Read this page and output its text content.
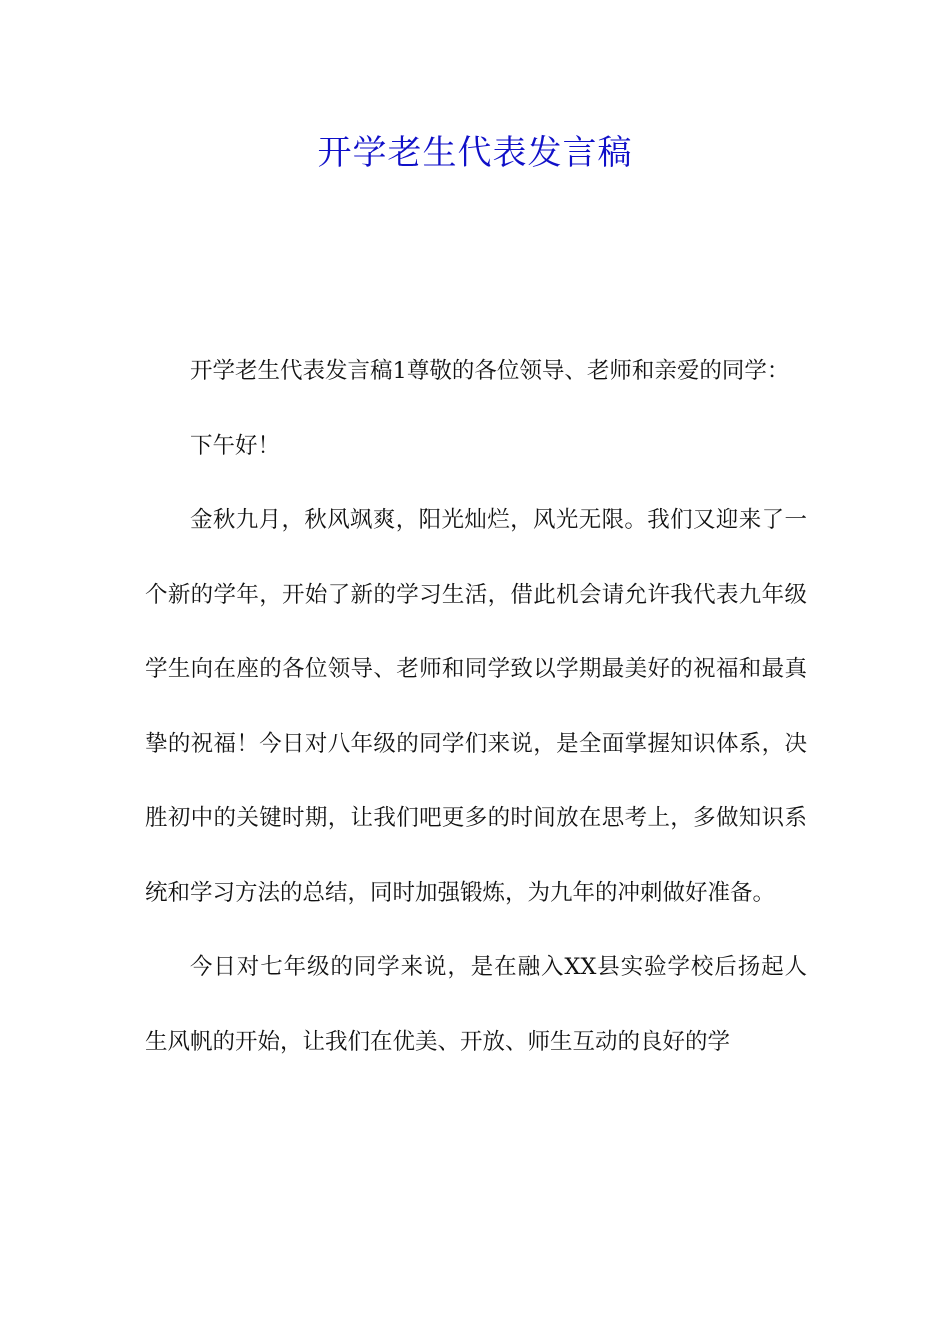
开学老生代表发言稿

开学老生代表发言稿1尊敬的各位领导、老师和亲爱的同学：

下午好！

金秋九月，秋风飒爽，阳光灿烂，风光无限。我们又迎来了一个新的学年，开始了新的学习生活，借此机会请允许我代表九年级学生向在座的各位领导、老师和同学致以学期最美好的祝福和最真挚的祝福！今日对八年级的同学们来说，是全面掌握知识体系，决胜初中的关键时期，让我们吧更多的时间放在思考上，多做知识系统和学习方法的总结，同时加强锻炼，为九年的冲刺做好准备。

今日对七年级的同学来说，是在融入XX县实验学校后扬起人生风帆的开始，让我们在优美、开放、师生互动的良好的学
